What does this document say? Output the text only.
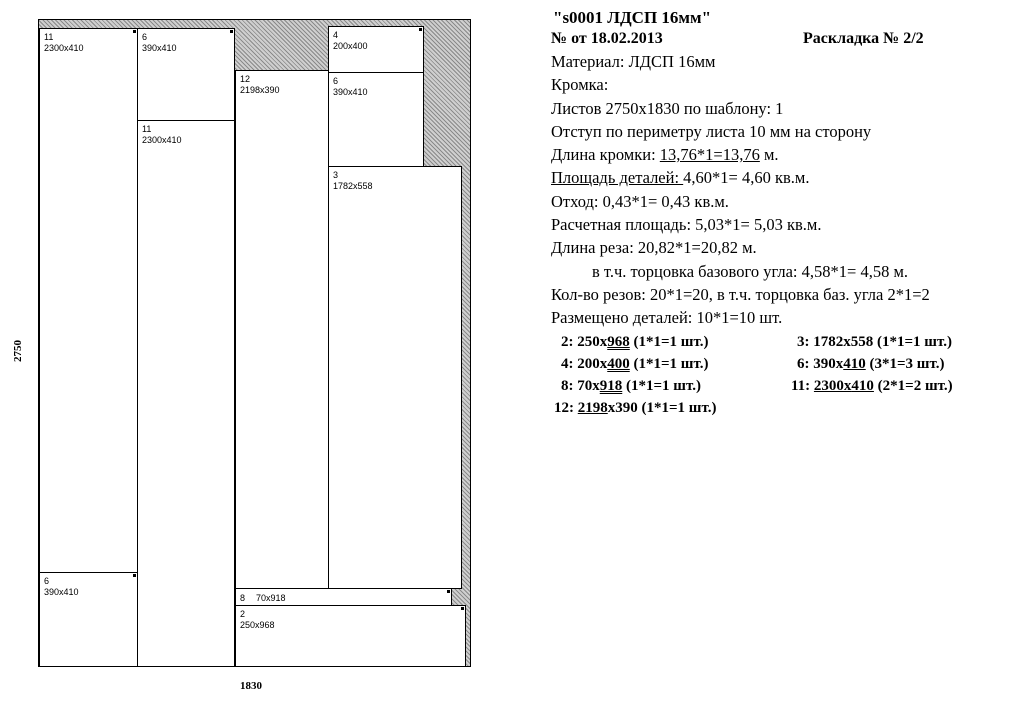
11
2300x410
6
390x410
6
390x410
11
2300x410
12
2198x390
4
200x400
6
390x410
3
1782x558
8 70x918
2
250x968
1830
2750
"s0001 ЛДСП 16мм"
№ от 18.02.2013	Раскладка № 2/2
Материал: ЛДСП 16мм
Кромка:
Листов 2750x1830 по шаблону: 1
Отступ по периметру листа 10 мм на сторону
Длина кромки: 13,76*1=13,76 м.
Площадь деталей: 4,60*1= 4,60 кв.м.
Отход: 0,43*1= 0,43 кв.м.
Расчетная площадь: 5,03*1= 5,03 кв.м.
Длина реза: 20,82*1=20,82 м.
в т.ч. торцовка базового угла: 4,58*1= 4,58 м.
Кол-во резов: 20*1=20, в т.ч. торцовка баз. угла 2*1=2
Размещено деталей: 10*1=10 шт.
2: 250x968 (1*1=1 шт.)	3: 1782x558 (1*1=1 шт.)
4: 200x400 (1*1=1 шт.)	6: 390x410 (3*1=3 шт.)
8: 70x918 (1*1=1 шт.)	11: 2300x410 (2*1=2 шт.)
12: 2198x390 (1*1=1 шт.)
